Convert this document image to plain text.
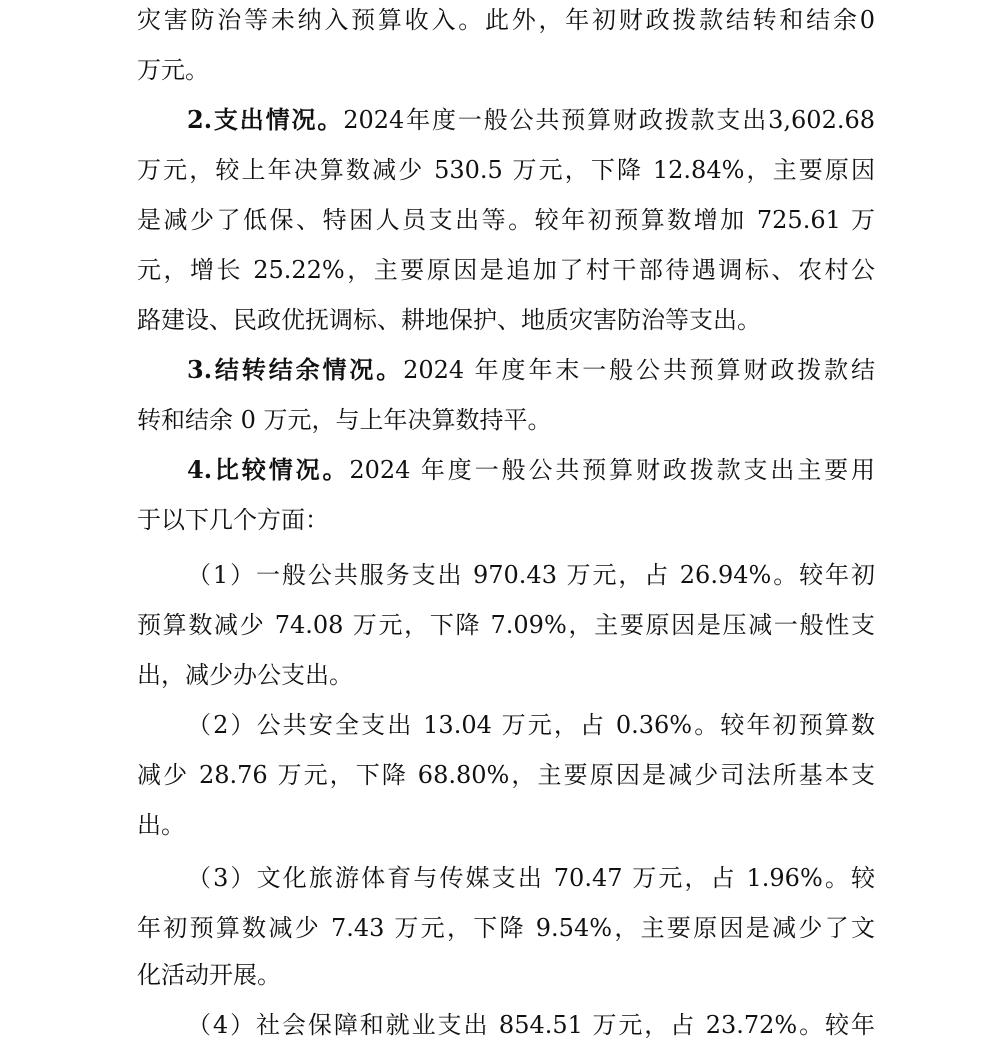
灾害防治等未纳入预算收入。此外，年初财政拨款结转和结余0
万元。
2.支出情况。2024年度一般公共预算财政拨款支出3,602.68
万元，较上年决算数减少 530.5 万元，下降 12.84%，主要原因
是减少了低保、特困人员支出等。较年初预算数增加 725.61 万
元，增长 25.22%，主要原因是追加了村干部待遇调标、农村公
路建设、民政优抚调标、耕地保护、地质灾害防治等支出。
3.结转结余情况。2024 年度年末一般公共预算财政拨款结
转和结余 0 万元，与上年决算数持平。
4.比较情况。2024 年度一般公共预算财政拨款支出主要用
于以下几个方面：
（1）一般公共服务支出 970.43 万元，占 26.94%。较年初
预算数减少 74.08 万元，下降 7.09%，主要原因是压减一般性支
出，减少办公支出。
（2）公共安全支出 13.04 万元，占 0.36%。较年初预算数
减少 28.76 万元，下降 68.80%，主要原因是减少司法所基本支
出。
（3）文化旅游体育与传媒支出 70.47 万元，占 1.96%。较
年初预算数减少 7.43 万元，下降 9.54%，主要原因是减少了文
化活动开展。
（4）社会保障和就业支出 854.51 万元，占 23.72%。较年
